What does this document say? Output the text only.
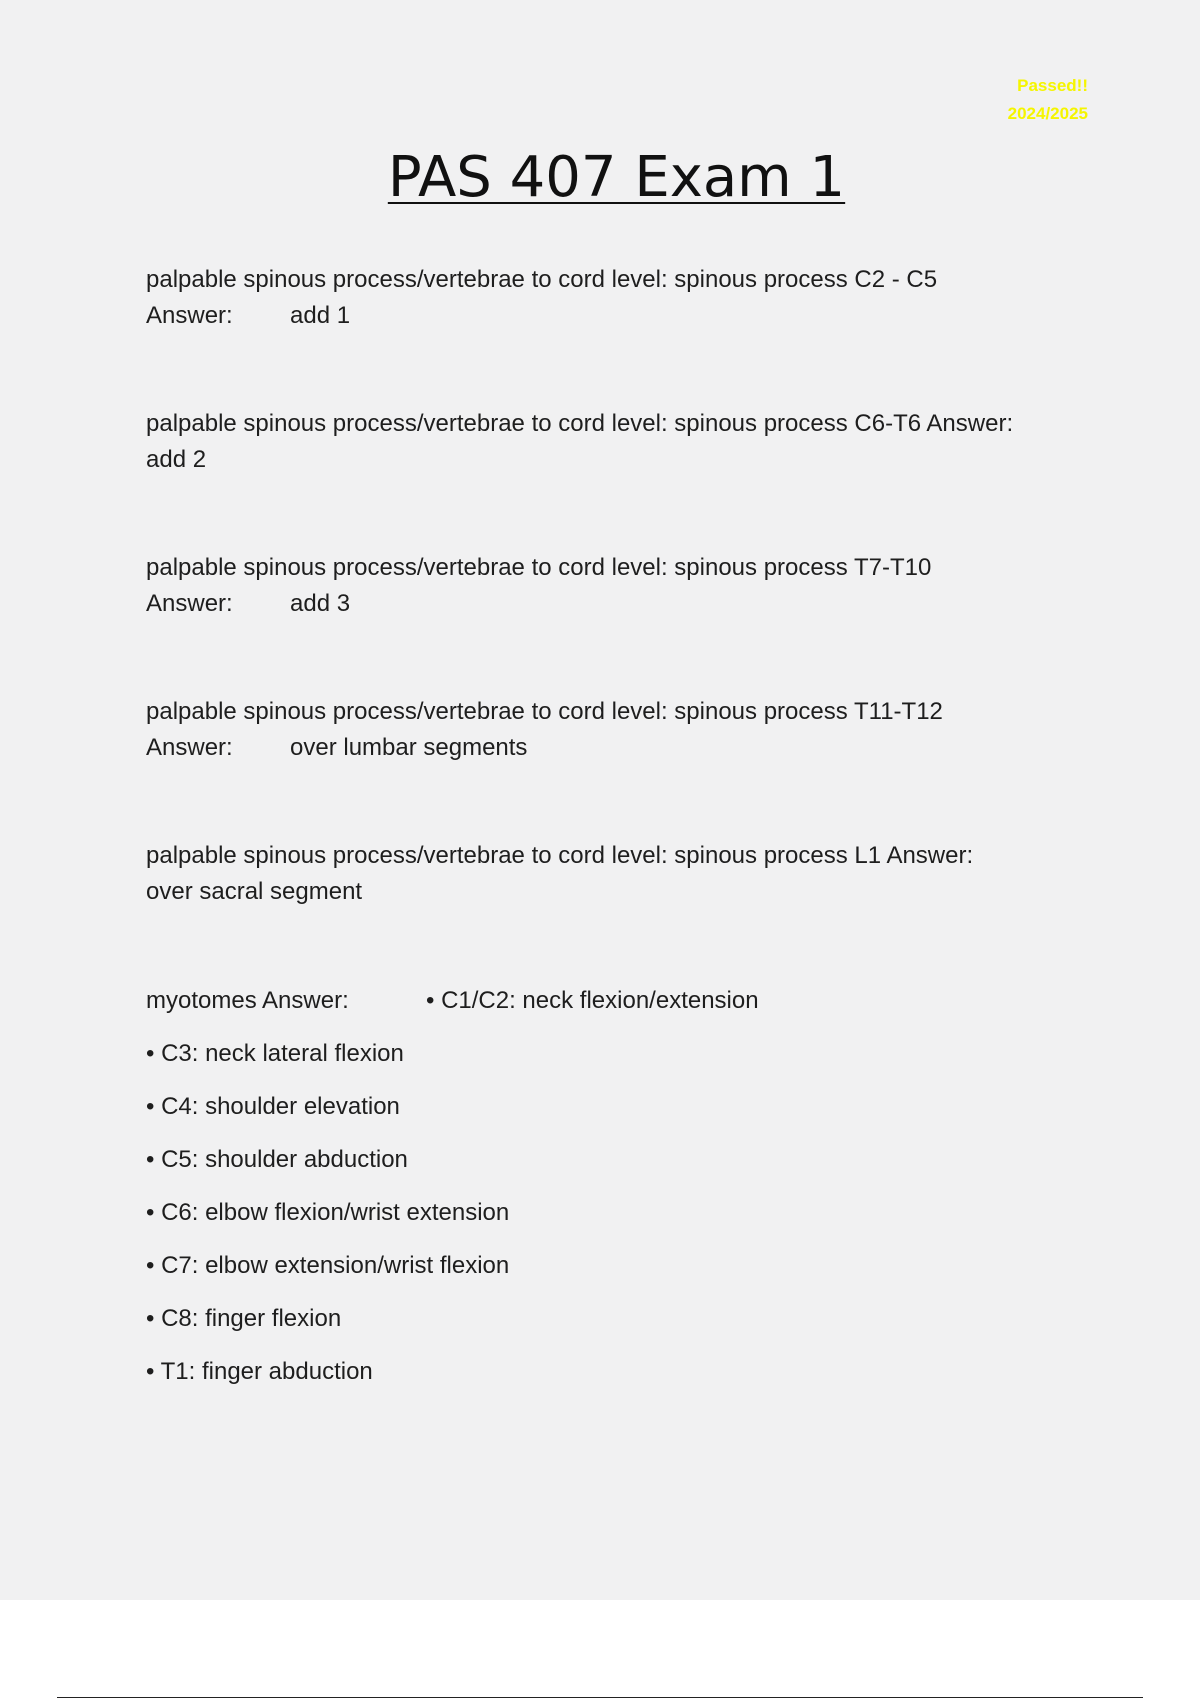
Passed!!
2024/2025
PAS 407 Exam 1
palpable spinous process/vertebrae to cord level: spinous process C2 - C5
Answer: add 1
palpable spinous process/vertebrae to cord level: spinous process C6-T6 Answer:
add 2
palpable spinous process/vertebrae to cord level: spinous process T7-T10
Answer: add 3
palpable spinous process/vertebrae to cord level: spinous process T11-T12
Answer: over lumbar segments
palpable spinous process/vertebrae to cord level: spinous process L1 Answer:
over sacral segment
myotomes Answer:	• C1/C2: neck flexion/extension
• C3: neck lateral flexion
• C4: shoulder elevation
• C5: shoulder abduction
• C6: elbow flexion/wrist extension
• C7: elbow extension/wrist flexion
• C8: finger flexion
• T1: finger abduction
